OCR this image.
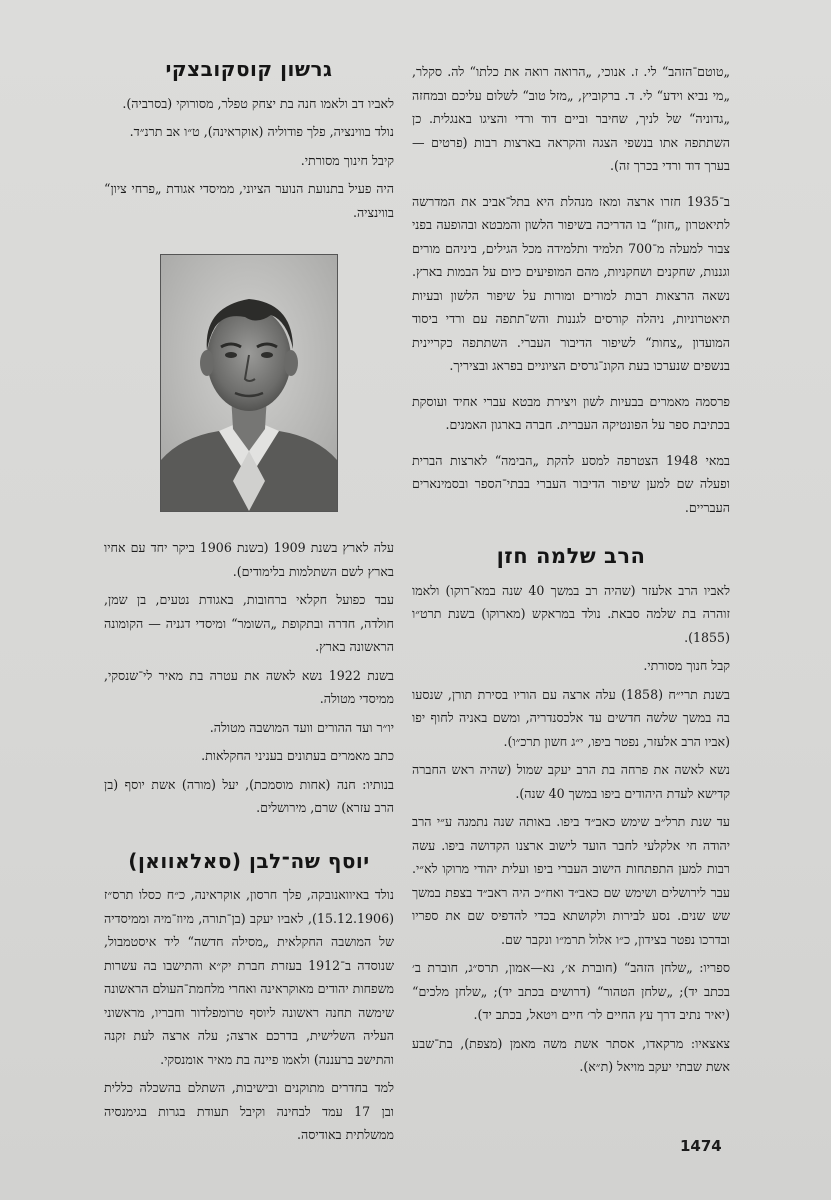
„טוטם־הזהב“ לי. ז. אנוכי, „הרואה רואה את כלתו“ לה. סקלר, „מי נביא וידע“ לי. ד. ברקוביץ, „מזל טוב“ לשלום עליכם ובמחזה „גדוניה“ של לניך, שחיבר וביים דוד ורדי והציגו באנגלית. כן השתתפה אתו בנשפי הצגה והקראה בארצות רבות (פרטים — בערך דוד ורדי בכרך זה).

ב־1935 חזרו ארצה ומאז מנהלת היא בתל־אביב את המדרשה לתיאטרון „חזון“ בו הדריכה בשיפור הלשון והמבטא ובהופעה בפני צבור למעלה מ־700 תלמיד ותלמידה מכל הגילים, ביניהם מורים וגננות, שחקנים ושחקניות, מהם המופיעים כיום על הבמות בארץ. נשאה הרצאות רבות למורים ומורות על שיפור הלשון ובעיות תיאטרוניות, ניהלה קורסים לגננות והש־תתפה עם ורדי ביסוד המועדון „צחות“ לשיפור הדיבור העברי. השתתפה כקריינית בנשפים שנערכו בעת הקונ־גרסים הציוניים בפראג ובציריך.

פרסמה מאמרים בבעיות לשון ויצירת מבטא עברי אחיד ועוסקת בכתיבת ספר על הפונטיקה העברית. חברה בארגון האמנים.

במאי 1948 הצטרפה למסע להקת „הבימה“ לארצות הברית ופעלה שם למען שיפור הדיבור העברי בבתי־הספר ובסמינארים העבריים.

הרב שלמה חזן

לאביו הרב אלעזר (שהיה רב במשך 40 שנה במא־רוקו) ולאמו זוהרה בת שלמה סבאת. נולד במראקש (מארוקו) בשנת תרט״ו (1855).

קבל חנוך מסורתי.

בשנת תרי״ח (1858) עלה ארצה עם הוריו בסירת תורן, שנסעו בה במשך שלשה חדשים עד אלכסנדריה, ומשם באניה לחוף יפו (אביו הרב אלעזר, נפטר ביפו, י״ג חשון תרכ״ו).

נשא לאשה את פרחה בת הרב יעקב שמול (שהיה ראש החברה קדישא לעדת היהודים ביפו במשך 40 שנה).

עד שנת תרל״ב שימש כאב״ד ביפו. באותה שנה נתמנה ע״י הרב יהודה חי אלקלעי לחבר הועד לישוב ארצנו הקדושה ביפו. עשה רבות למען התפתחות הישוב העברי ביפו ועלית יהודי מרוקו לא״י. עבר לירושלים ושימש שם כאב״ד ואח״כ היה ראב״ד בצפת במשך שש שנים. נסע לבירות ולקושתא בכדי להדפיס שם את ספריו ובדרכו נפטר בצידון, כ״ו אלול תרמ״ו ונקבר שם.

ספריו: „שלחן הזהב“ (חוברת א׳, נא—אמון, תרס״ג, חוברת ב׳ בכתב יד); „שלחן הטהור“ (דרושים בכתב יד); „שלחן מלכים“ (יאיר נתיב דרך עץ החיים לר׳ חיים ויטאל, בכתב יד).

צאצאיו: מרקאדו, אסתר אשת משה מאמן (מצפת), בת־שבע אשת שבתי יעקב מויאל (ת״א).

גרשון קוסקובצקי

לאביו דב ולאמו חנה בת יצחק טפלר, מסורוקי (בסרביה).

נולד בווינציה, פלך פודוליה (אוקראינה), ט״ו אב תרנ״ד.

קיבל חינוך מסורתי.

היה פעיל בתנועת הנוער הציוני, ממיסדי אגודת „פרחי ציון“ בווינציה.

עלה לארץ בשנת 1909 (בשנת 1906 ביקר יחד עם אחיו בארץ לשם השתלמות בלימודים).

עבד כפועל חקלאי ברחובות, באגודת נטעים, בן שמן, חולדה, חדרה ובתקופת „השומר“ ומיסדי דגניה — הקומונה הראשונה בארץ.

בשנת 1922 נשא לאשה את עטרה בת מאיר לי־שנסקי, ממיסדי מטולה.

יו״ר ועד ההורים וועד המושבה מטולה.

כתב מאמרים בעתונים בעניני החקלאות.

בנותיו: חנה (אחות מוסמכת), יעל (מורה) אשת יוסף (בן הרב עזרא) שרם, מירושלים.

יוסף שה־לבן (סאלאוואן)

נולד באיוואנובקה, פלך חרסון, אוקראינה, כ״ח כסלו תרס״ז (15.12.1906), לאביו יעקב (בן־תורה, מיוז־מיה וממיסדיה של המושבה החקלאית „מסילה חדשה“ ליד איסטמבול, שנוסדה ב־1912 בעזרת חברת יק״א והתישבו בה עשרות משפחות יהודים מאוקראינה ואחרי מלחמת־העולם הראשונה שימשה תחנה ראשונה ליוסף טרומפלדור וחבריו, מראשוני העליה השלישית, בדרכם ארצה; עלה ארצה לעת זקנה והתישב ברעננה) ולאמו פיינה בת מאיר אומנסקי.

למד בחדרים מתוקנים ובישיבות, השתלם בהשכלה כללית ובן 17 עמד לבחינה וקיבל תעודת בגרות בגימנסיה ממשלתית באודיסה.

1474
